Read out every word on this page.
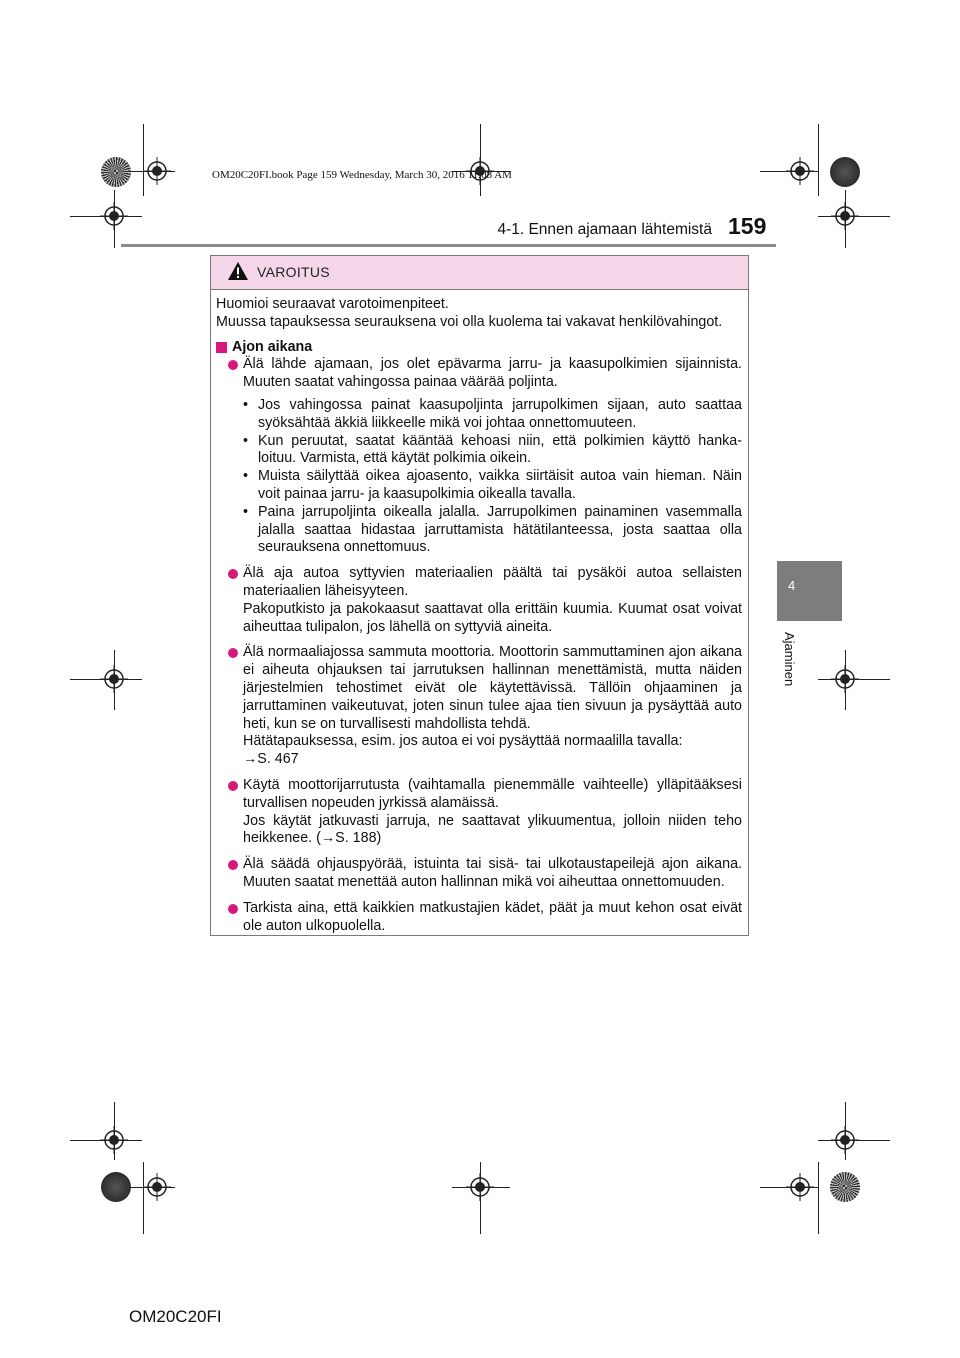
OM20C20FI.book Page 159 Wednesday, March 30, 2016 11:08 AM
4-1. Ennen ajamaan lähtemistä 159
4
Ajaminen
VAROITUS

Huomioi seuraavat varotoimenpiteet.

Muussa tapauksessa seurauksena voi olla kuolema tai vakavat henkilövahingot.

Ajon aikana

Älä lähde ajamaan, jos olet epävarma jarru- ja kaasupolkimien sijainnista. Muuten saatat vahingossa painaa väärää poljinta.

• Jos vahingossa painat kaasupoljinta jarrupolkimen sijaan, auto saattaa syöksähtää äkkiä liikkeelle mikä voi johtaa onnettomuuteen.
• Kun peruutat, saatat kääntää kehoasi niin, että polkimien käyttö hanka-loituu. Varmista, että käytät polkimia oikein.
• Muista säilyttää oikea ajoasento, vaikka siirtäisit autoa vain hieman. Näin voit painaa jarru- ja kaasupolkimia oikealla tavalla.
• Paina jarrupoljinta oikealla jalalla. Jarrupolkimen painaminen vasemmalla jalalla saattaa hidastaa jarruttamista hätätilanteessa, josta saattaa olla seurauksena onnettomuus.

Älä aja autoa syttyvien materiaalien päältä tai pysäköi autoa sellaisten materiaalien läheisyyteen.

Pakoputkisto ja pakokaasut saattavat olla erittäin kuumia. Kuumat osat voivat aiheuttaa tulipalon, jos lähellä on syttyviä aineita.

Älä normaaliajossa sammuta moottoria. Moottorin sammuttaminen ajon aikana ei aiheuta ohjauksen tai jarrutuksen hallinnan menettämistä, mutta näiden järjestelmien tehostimet eivät ole käytettävissä. Tällöin ohjaaminen ja jarruttaminen vaikeutuvat, joten sinun tulee ajaa tien sivuun ja pysäyttää auto heti, kun se on turvallisesti mahdollista tehdä.

Hätätapauksessa, esim. jos autoa ei voi pysäyttää normaalilla tavalla:

→S. 467

Käytä moottorijarrutusta (vaihtamalla pienemmälle vaihteelle) ylläpitääksesi turvallisen nopeuden jyrkissä alamäissä.

Jos käytät jatkuvasti jarruja, ne saattavat ylikuumentua, jolloin niiden teho heikkenee. (→S. 188)

Älä säädä ohjauspyörää, istuinta tai sisä- tai ulkotaustapeilejä ajon aikana. Muuten saatat menettää auton hallinnan mikä voi aiheuttaa onnettomuuden.

Tarkista aina, että kaikkien matkustajien kädet, päät ja muut kehon osat eivät ole auton ulkopuolella.

OM20C20FI
